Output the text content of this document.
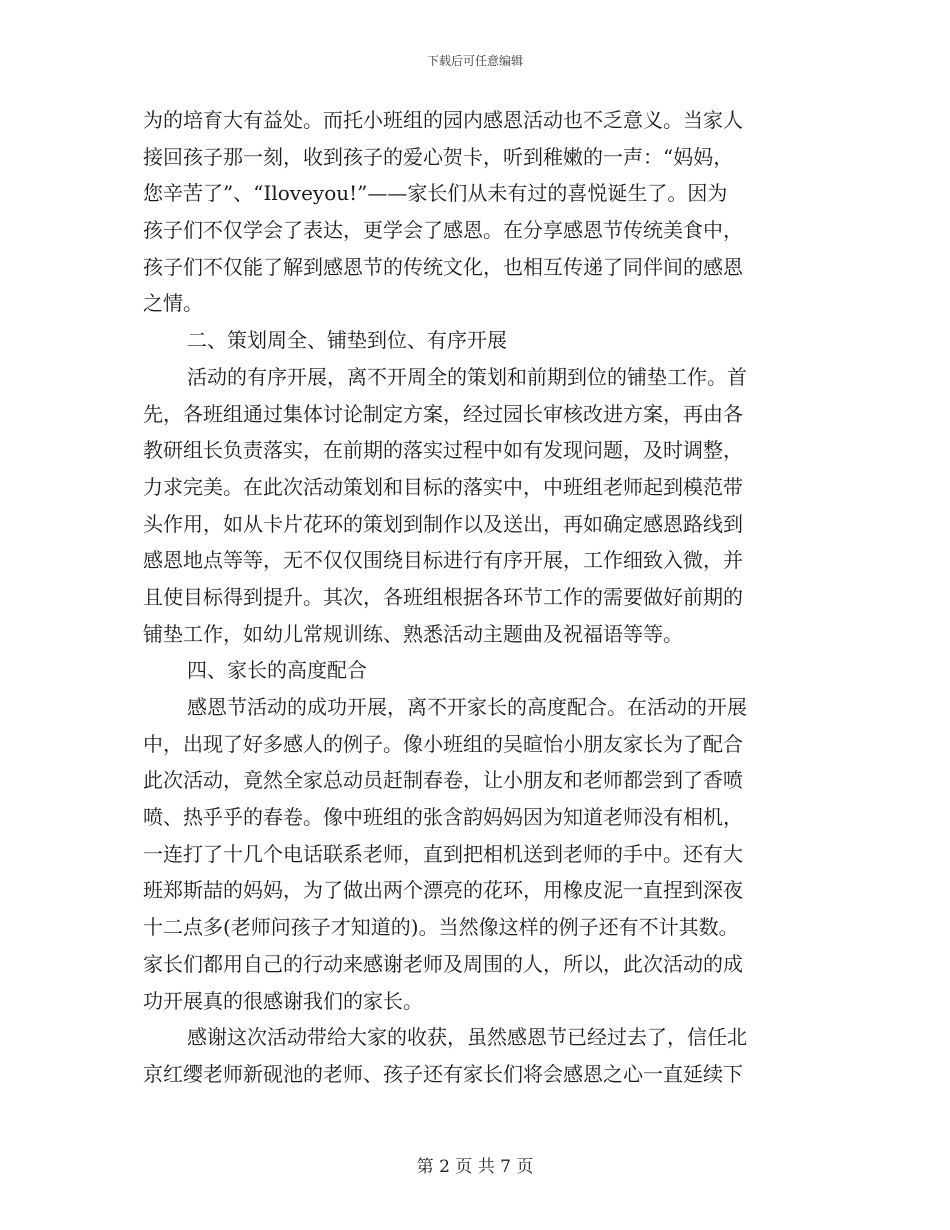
下载后可任意编辑
为的培育大有益处。而托小班组的园内感恩活动也不乏意义。当家人
接回孩子那一刻，收到孩子的爱心贺卡，听到稚嫩的一声：“妈妈，
您辛苦了”、“Iloveyou!”——家长们从未有过的喜悦诞生了。因为
孩子们不仅学会了表达，更学会了感恩。在分享感恩节传统美食中，
孩子们不仅能了解到感恩节的传统文化，也相互传递了同伴间的感恩
之情。
二、策划周全、铺垫到位、有序开展
活动的有序开展，离不开周全的策划和前期到位的铺垫工作。首
先，各班组通过集体讨论制定方案，经过园长审核改进方案，再由各
教研组长负责落实，在前期的落实过程中如有发现问题，及时调整，
力求完美。在此次活动策划和目标的落实中，中班组老师起到模范带
头作用，如从卡片花环的策划到制作以及送出，再如确定感恩路线到
感恩地点等等，无不仅仅围绕目标进行有序开展，工作细致入微，并
且使目标得到提升。其次，各班组根据各环节工作的需要做好前期的
铺垫工作，如幼儿常规训练、熟悉活动主题曲及祝福语等等。
四、家长的高度配合
感恩节活动的成功开展，离不开家长的高度配合。在活动的开展
中，出现了好多感人的例子。像小班组的吴暄怡小朋友家长为了配合
此次活动，竟然全家总动员赶制春卷，让小朋友和老师都尝到了香喷
喷、热乎乎的春卷。像中班组的张含韵妈妈因为知道老师没有相机，
一连打了十几个电话联系老师，直到把相机送到老师的手中。还有大
班郑斯喆的妈妈，为了做出两个漂亮的花环，用橡皮泥一直捏到深夜
十二点多(老师问孩子才知道的)。当然像这样的例子还有不计其数。
家长们都用自己的行动来感谢老师及周围的人，所以，此次活动的成
功开展真的很感谢我们的家长。
感谢这次活动带给大家的收获，虽然感恩节已经过去了，信任北
京红缨老师新砚池的老师、孩子还有家长们将会感恩之心一直延续下
第 2 页 共 7 页
